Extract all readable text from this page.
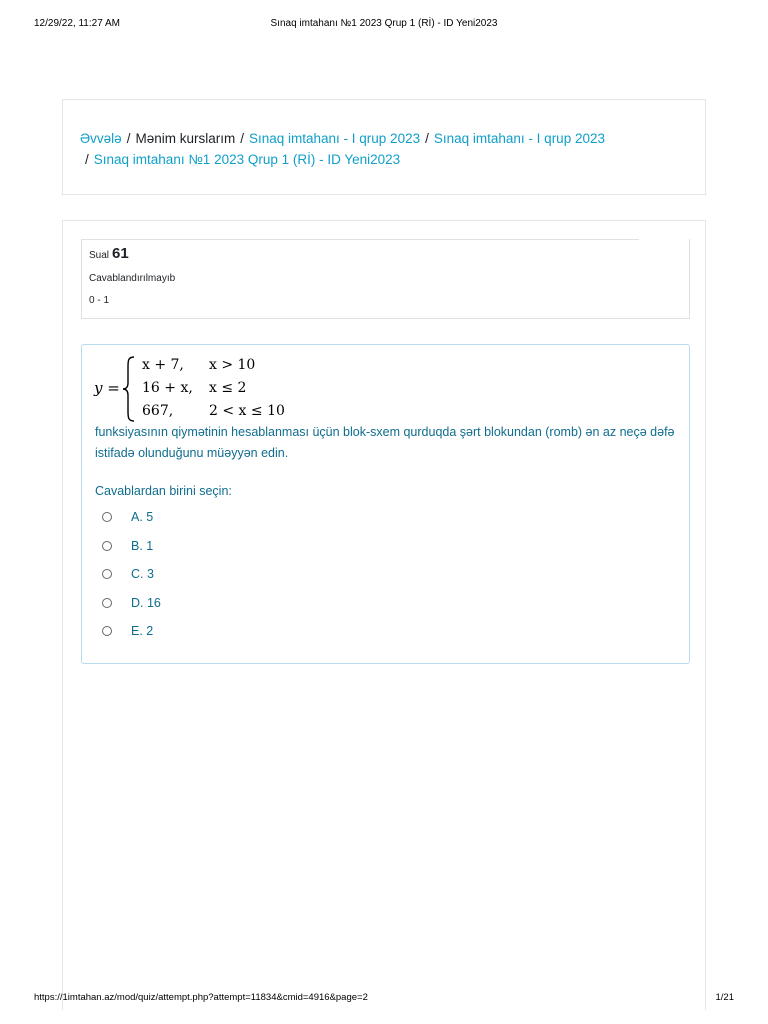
12/29/22, 11:27 AM	Sınaq imtahanı №1 2023 Qrup 1 (Rİ) - ID Yeni2023
Əvvələ / Mənim kurslarım / Sınaq imtahanı - I qrup 2023 / Sınaq imtahanı - I qrup 2023
/ Sınaq imtahanı №1 2023 Qrup 1 (Rİ) - ID Yeni2023
Sual 61
Cavablandırılmayıb
0 - 1
y =
x + 7, x > 10
16 + x, x ≤ 2
667,	2 < x ≤ 10
funksiyasının qiymətinin hesablanması üçün blok-sxem qurduqda şərt blokundan (romb) ən az neçə dəfə istifadə olunduğunu müəyyən edin.
Cavablardan birini seçin:
A. 5
B. 1
C. 3
D. 16
E. 2
https://1imtahan.az/mod/quiz/attempt.php?attempt=11834&cmid=4916&page=2	1/21
